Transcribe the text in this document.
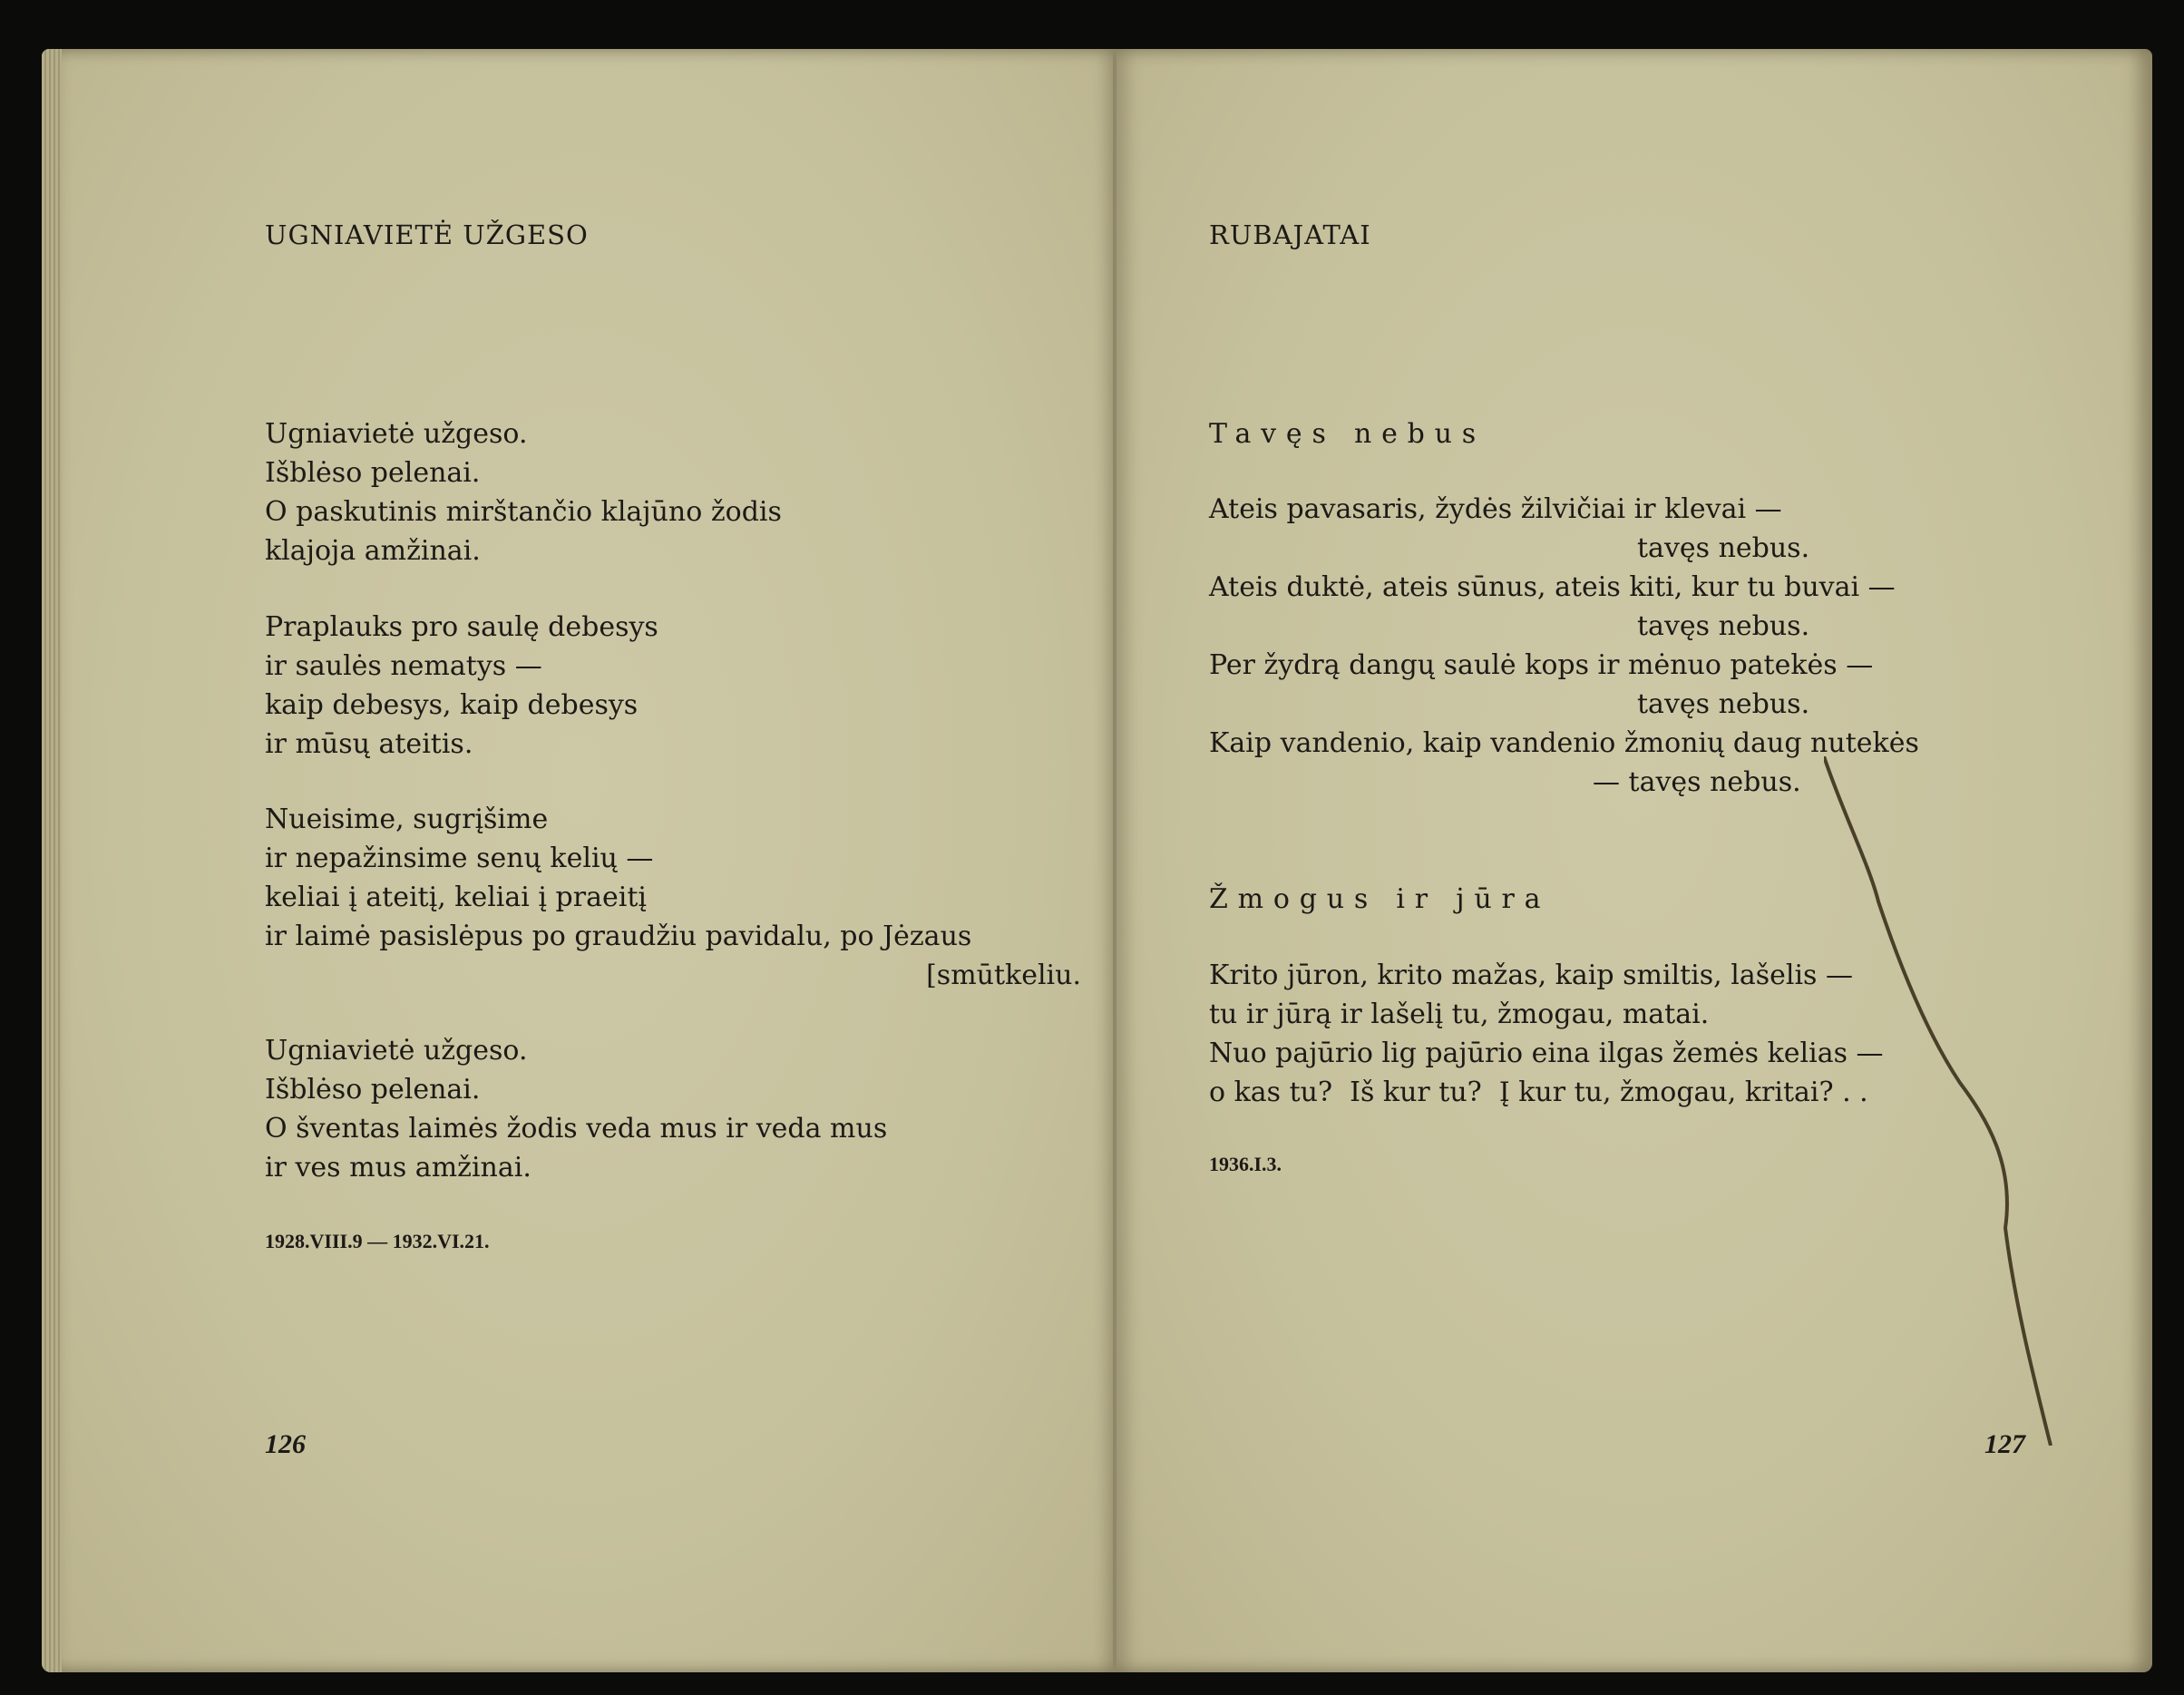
UGNIAVIETĖ UŽGESO
Ugniavietė užgeso.
Išblėso pelenai.
O paskutinis mirštančio klajūno žodis
klajoja amžinai.
Praplauks pro saulę debesys
ir saulės nematys —
kaip debesys, kaip debesys
ir mūsų ateitis.
Nueisime, sugrįšime
ir nepažinsime senų kelių —
keliai į ateitį, keliai į praeitį
ir laimė pasislėpus po graudžiu pavidalu, po Jėzaus
[smūtkeliu.
Ugniavietė užgeso.
Išblėso pelenai.
O šventas laimės žodis veda mus ir veda mus
ir ves mus amžinai.
1928.VIII.9 — 1932.VI.21.
126
RUBAJATAI
Tavęs nebus
Ateis pavasaris, žydės žilvičiai ir klevai —
tavęs nebus.
Ateis duktė, ateis sūnus, ateis kiti, kur tu buvai —
tavęs nebus.
Per žydrą dangų saulė kops ir mėnuo patekės —
tavęs nebus.
Kaip vandenio, kaip vandenio žmonių daug nutekės
— tavęs nebus.
Žmogus ir jūra
Krito jūron, krito mažas, kaip smiltis, lašelis —
tu ir jūrą ir lašelį tu, žmogau, matai.
Nuo pajūrio lig pajūrio eina ilgas žemės kelias —
o kas tu?  Iš kur tu?  Į kur tu, žmogau, kritai? . .
1936.I.3.
127
